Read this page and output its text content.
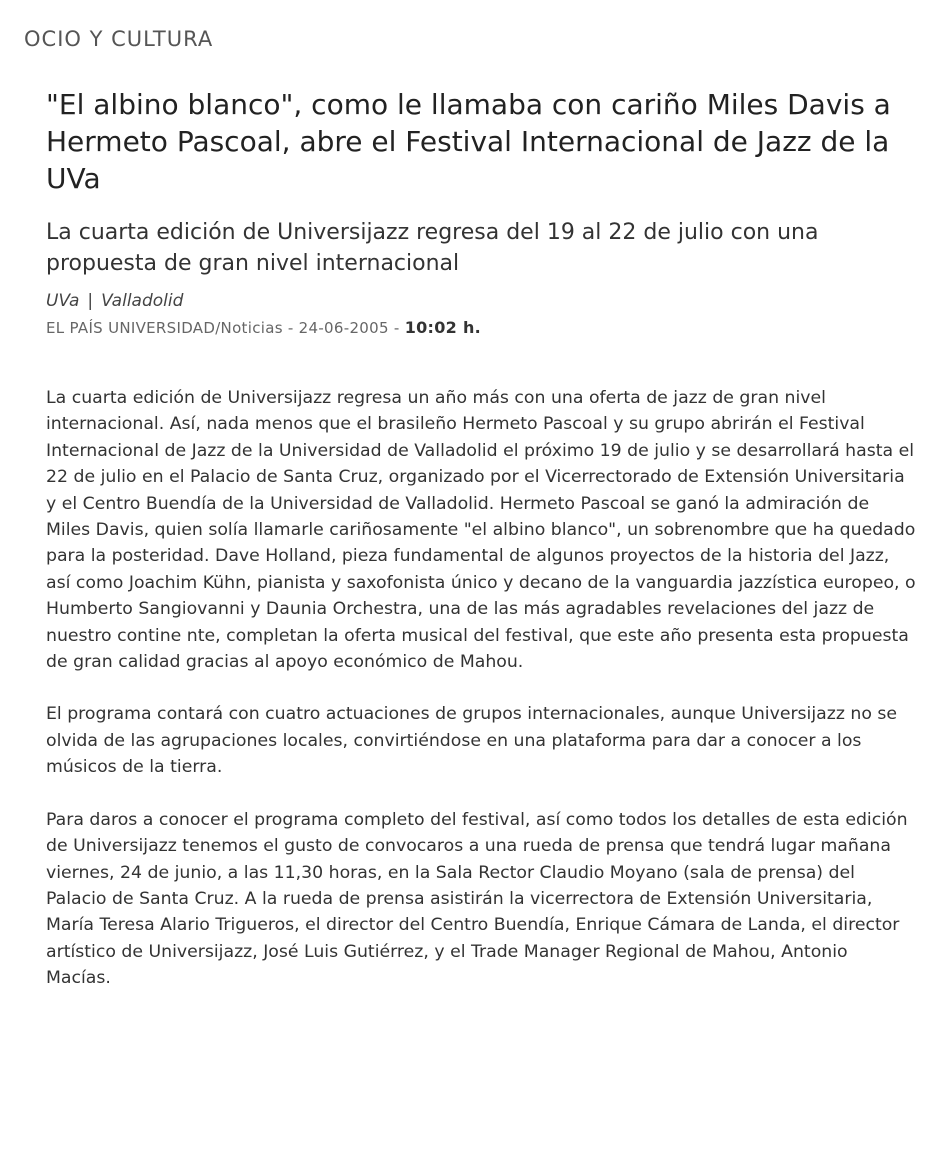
OCIO Y CULTURA
"El albino blanco", como le llamaba con cariño Miles Davis a Hermeto Pascoal, abre el Festival Internacional de Jazz de la UVa
La cuarta edición de Universijazz regresa del 19 al 22 de julio con una propuesta de gran nivel internacional
UVa | Valladolid
EL PAÍS UNIVERSIDAD/Noticias - 24-06-2005 - 10:02 h.

La cuarta edición de Universijazz regresa un año más con una oferta de jazz de gran nivel internacional. Así, nada menos que el brasileño Hermeto Pascoal y su grupo abrirán el Festival Internacional de Jazz de la Universidad de Valladolid el próximo 19 de julio y se desarrollará hasta el 22 de julio en el Palacio de Santa Cruz, organizado por el Vicerrectorado de Extensión Universitaria y el Centro Buendía de la Universidad de Valladolid. Hermeto Pascoal se ganó la admiración de Miles Davis, quien solía llamarle cariñosamente "el albino blanco", un sobrenombre que ha quedado para la posteridad. Dave Holland, pieza fundamental de algunos proyectos de la historia del Jazz, así como Joachim Kühn, pianista y saxofonista único y decano de la vanguardia jazzística europeo, o Humberto Sangiovanni y Daunia Orchestra, una de las más agradables revelaciones del jazz de nuestro contine nte, completan la oferta musical del festival, que este año presenta esta propuesta de gran calidad gracias al apoyo económico de Mahou.

El programa contará con cuatro actuaciones de grupos internacionales, aunque Universijazz no se olvida de las agrupaciones locales, convirtiéndose en una plataforma para dar a conocer a los músicos de la tierra.

Para daros a conocer el programa completo del festival, así como todos los detalles de esta edición de Universijazz tenemos el gusto de convocaros a una rueda de prensa que tendrá lugar mañana viernes, 24 de junio, a las 11,30 horas, en la Sala Rector Claudio Moyano (sala de prensa) del Palacio de Santa Cruz. A la rueda de prensa asistirán la vicerrectora de Extensión Universitaria, María Teresa Alario Trigueros, el director del Centro Buendía, Enrique Cámara de Landa, el director artístico de Universijazz, José Luis Gutiérrez, y el Trade Manager Regional de Mahou, Antonio Macías.
